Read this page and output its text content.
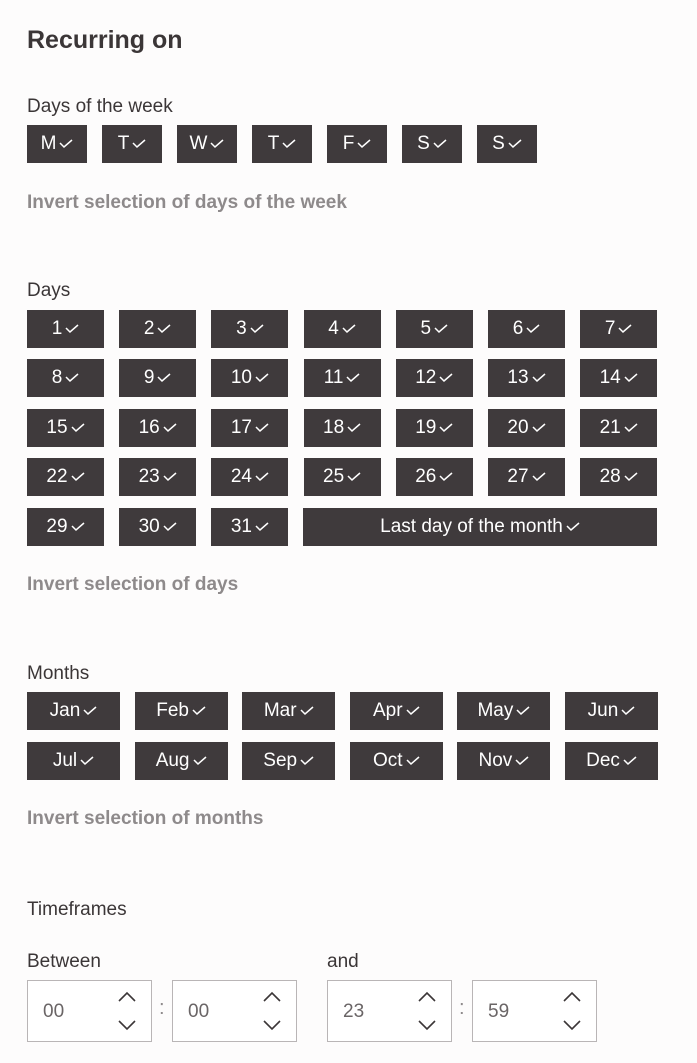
Recurring on
Days of the week
M	T	W	T	F	S	S
Invert selection of days of the week
Days
1	2	3	4	5	6	7
8	9	10	11	12	13	14
15	16	17	18	19	20	21
22	23	24	25	26	27	28
29	30	31	Last day of the month
Invert selection of days
Months
Jan	Feb	Mar	Apr	May	Jun
Jul	Aug	Sep	Oct	Nov	Dec
Invert selection of months
Timeframes
Between	and
00	: 00	23	: 59
